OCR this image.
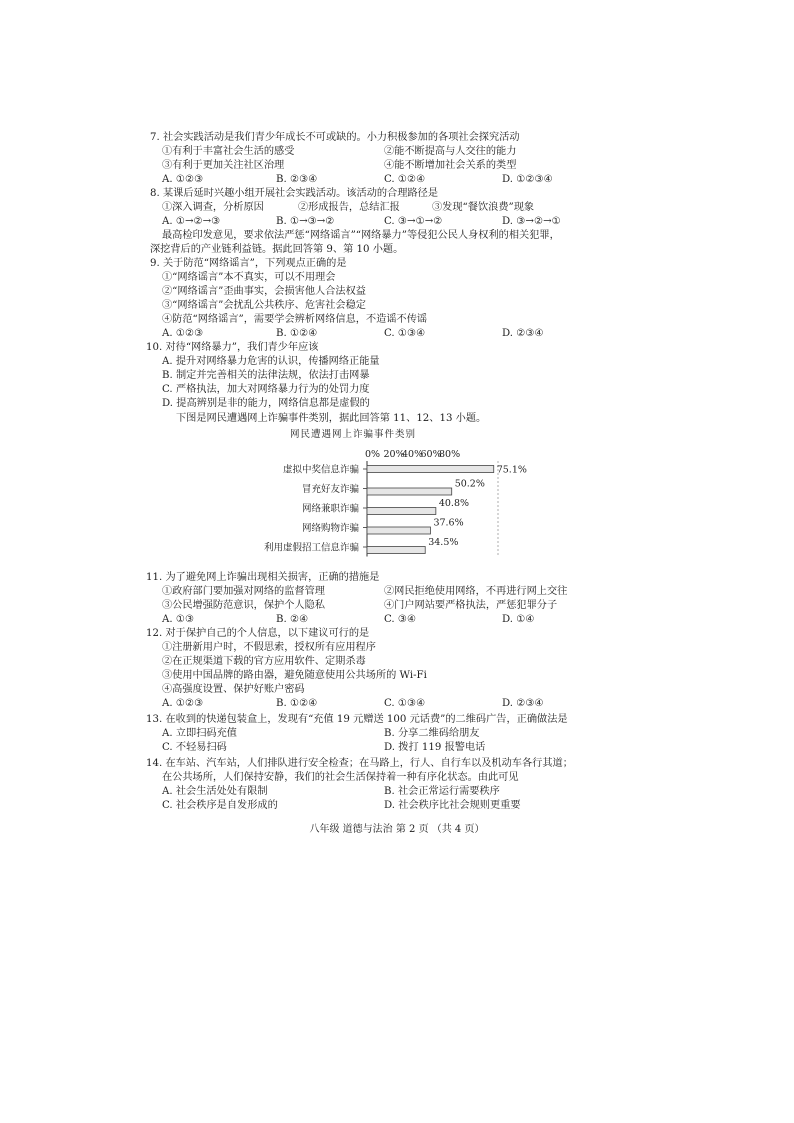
7. 社会实践活动是我们青少年成长不可或缺的。小力积极参加的各项社会探究活动
①有利于丰富社会生活的感受	②能不断提高与人交往的能力
③有利于更加关注社区治理	④能不断增加社会关系的类型
A. ①②③	B. ②③④	C. ①②④	D. ①②③④
8. 某课后延时兴趣小组开展社会实践活动。该活动的合理路径是
①深入调查，分析原因	②形成报告，总结汇报	③发现“餐饮浪费”现象
A. ①→②→③	B. ①→③→②	C. ③→①→②	D. ③→②→①
最高检印发意见，要求依法严惩“网络谣言”“网络暴力”等侵犯公民人身权利的相关犯罪，
深挖背后的产业链利益链。据此回答第 9、第 10 小题。
9. 关于防范“网络谣言”，下列观点正确的是
①“网络谣言”本不真实，可以不用理会
②“网络谣言”歪曲事实，会损害他人合法权益
③“网络谣言”会扰乱公共秩序、危害社会稳定
④防范“网络谣言”，需要学会辨析网络信息，不造谣不传谣
A. ①②③	B. ①②④	C. ①③④	D. ②③④
10. 对待“网络暴力”，我们青少年应该
A. 提升对网络暴力危害的认识，传播网络正能量
B. 制定并完善相关的法律法规，依法打击网暴
C. 严格执法，加大对网络暴力行为的处罚力度
D. 提高辨别是非的能力，网络信息都是虚假的
下图是网民遭遇网上诈骗事件类别，据此回答第 11、12、13 小题。
网民遭遇网上诈骗事件类别
0% 20%
40%
60%
80%
虚拟中奖信息诈骗	75.1%
冒充好友诈骗	50.2%
网络兼职诈骗	40.8%
网络购物诈骗	37.6%
利用虚假招工信息诈骗	34.5%
11. 为了避免网上诈骗出现相关损害，正确的措施是
①政府部门要加强对网络的监督管理	②网民拒绝使用网络，不再进行网上交往
③公民增强防范意识，保护个人隐私	④门户网站要严格执法，严惩犯罪分子
A. ①③	B. ②④	C. ③④	D. ①④
12. 对于保护自己的个人信息，以下建议可行的是
①注册新用户时，不假思索，授权所有应用程序
②在正规渠道下载的官方应用软件、定期杀毒
③使用中国品牌的路由器，避免随意使用公共场所的 Wi-Fi
④高强度设置、保护好账户密码
A. ①②③	B. ①②④	C. ①③④	D. ②③④
13. 在收到的快递包装盒上，发现有“充值 19 元赠送 100 元话费”的二维码广告，正确做法是
A. 立即扫码充值	B. 分享二维码给朋友
C. 不轻易扫码	D. 拨打 119 报警电话
14. 在车站、汽车站，人们排队进行安全检查；在马路上，行人、自行车以及机动车各行其道；
在公共场所，人们保持安静，我们的社会生活保持着一种有序化状态。由此可见
A. 社会生活处处有限制	B. 社会正常运行需要秩序
C. 社会秩序是自发形成的	D. 社会秩序比社会规则更重要
八年级 道德与法治 第 2 页 （共 4 页）
